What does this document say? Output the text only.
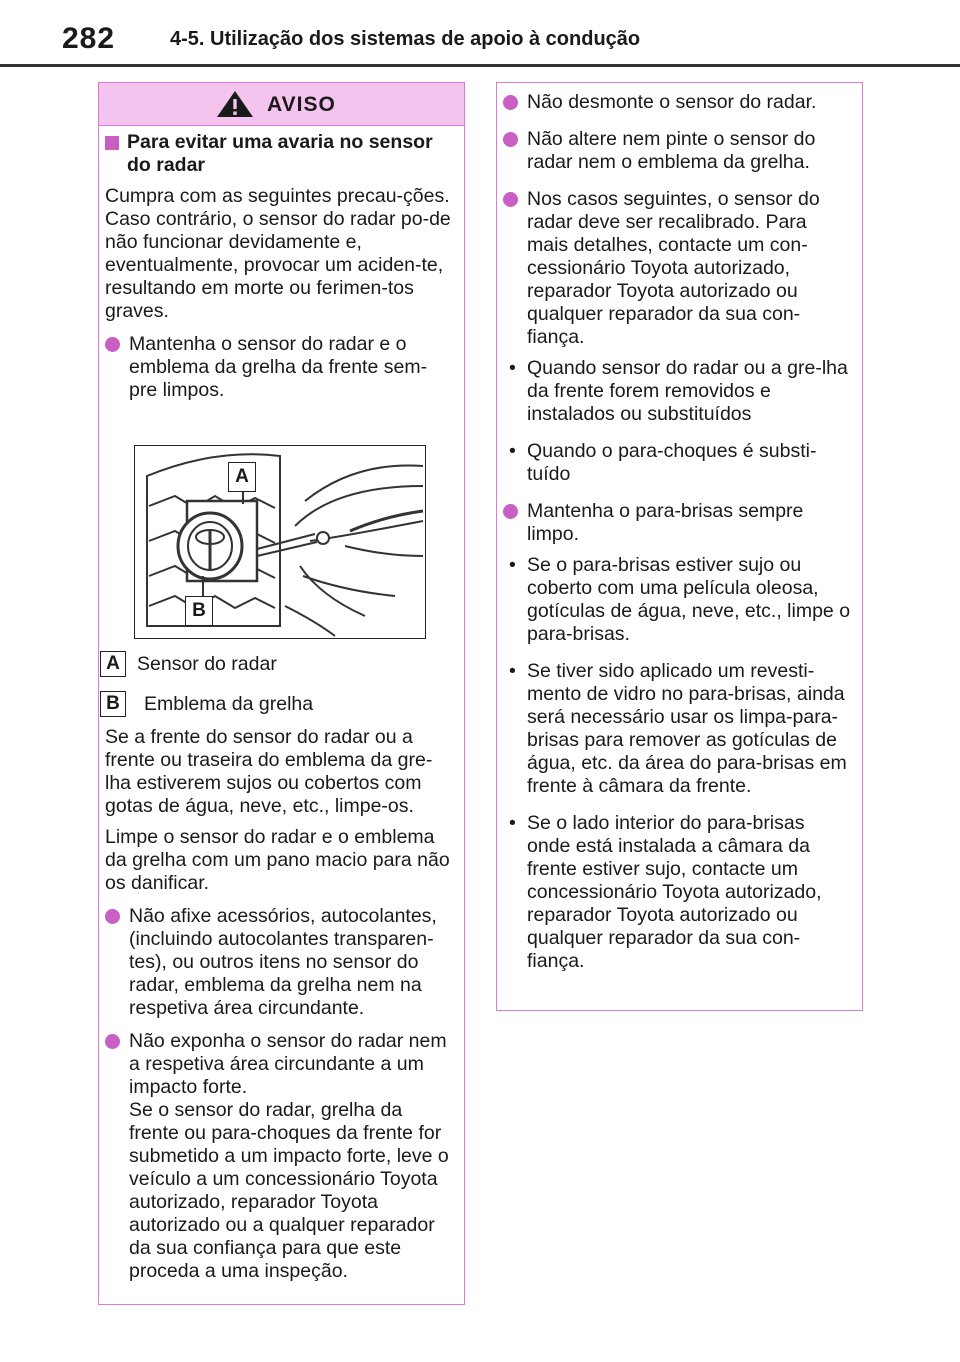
282	4-5. Utilização dos sistemas de apoio à condução
AVISO

Para evitar uma avaria no sensor do radar

Cumpra com as seguintes precau-ções.

Caso contrário, o sensor do radar po-de não funcionar devidamente e, eventualmente, provocar um aciden-te, resultando em morte ou ferimen-tos graves.

Mantenha o sensor do radar e o emblema da grelha da frente sem-pre limpos.

Se a frente do sensor do radar ou a frente ou traseira do emblema da gre-lha estiverem sujos ou cobertos com gotas de água, neve, etc., limpe-os.

Limpe o sensor do radar e o emblema da grelha com um pano macio para não os danificar.

Não afixe acessórios, autocolantes, (incluindo autocolantes transparen-tes), ou outros itens no sensor do radar, emblema da grelha nem na respetiva área circundante.

Não exponha o sensor do radar nem a respetiva área circundante a um impacto forte.
Se o sensor do radar, grelha da frente ou para-choques da frente for submetido a um impacto forte, leve o veículo a um concessionário Toyota autorizado, reparador Toyota autorizado ou a qualquer reparador da sua confiança para que este proceda a uma inspeção.

A
B
A Sensor do radar
B	Emblema da grelha

Não desmonte o sensor do radar.

Não altere nem pinte o sensor do radar nem o emblema da grelha.

Nos casos seguintes, o sensor do radar deve ser recalibrado. Para mais detalhes, contacte um con-cessionário Toyota autorizado, reparador Toyota autorizado ou qualquer reparador da sua con-fiança.

• Quando sensor do radar ou a gre-lha da frente forem removidos e instalados ou substituídos

• Quando o para-choques é substi-tuído

Mantenha o para-brisas sempre limpo.

• Se o para-brisas estiver sujo ou coberto com uma película oleosa, gotículas de água, neve, etc., limpe o para-brisas.

• Se tiver sido aplicado um revesti-mento de vidro no para-brisas, ainda será necessário usar os limpa-para-brisas para remover as gotículas de água, etc. da área do para-brisas em frente à câmara da frente.

• Se o lado interior do para-brisas onde está instalada a câmara da frente estiver sujo, contacte um concessionário Toyota autorizado, reparador Toyota autorizado ou qualquer reparador da sua con-fiança.
